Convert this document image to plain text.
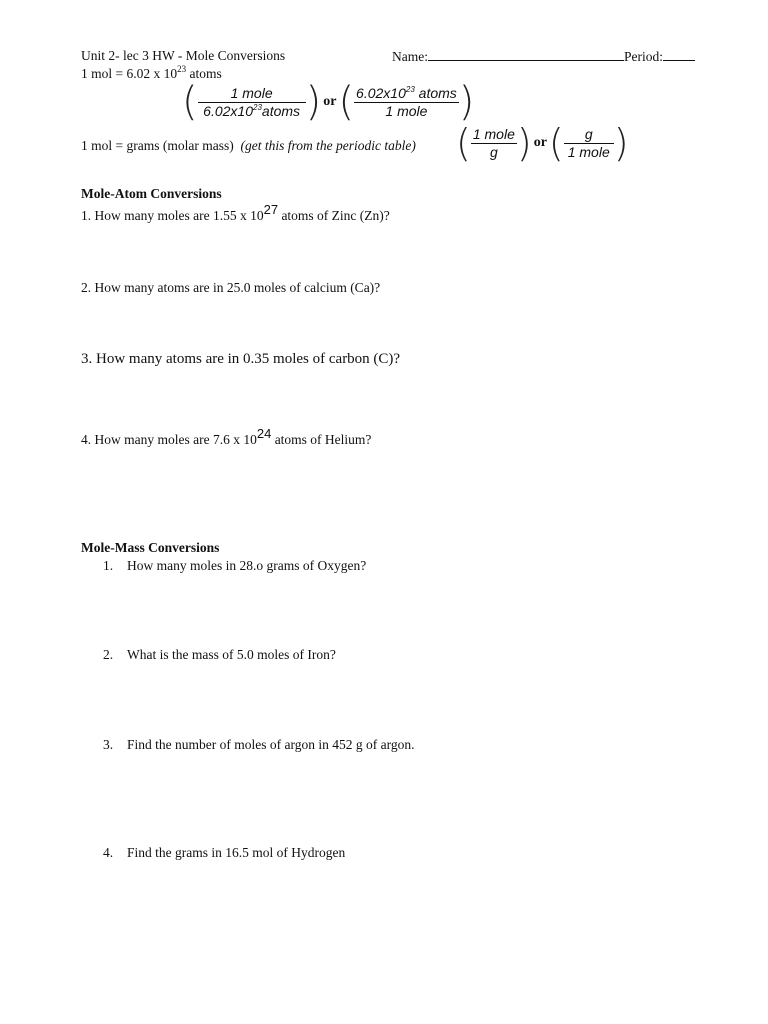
Unit 2- lec 3 HW - Mole Conversions	Name:	Period:
1 mol = 6.02 x $10^{23}$ atoms
( $\frac{\text{1 mole}}{6.02x10^{23}atoms}$ ) or ( $\frac{6.02x10^{23} atoms}{\text{1 mole}}$ )
1 mol = grams (molar mass) (get this from the periodic table) ( $\frac{\text{1 mole}}{g}$ ) or ( $\frac{g}{\text{1 mole}}$ )
Mole-Atom Conversions
1. How many moles are 1.55 x 1027 atoms of Zinc (Zn)?
2. How many atoms are in 25.0 moles of calcium (Ca)?
3. How many atoms are in 0.35 moles of carbon (C)?
4. How many moles are 7.6 x 1024 atoms of Helium?
Mole-Mass Conversions
1. How many moles in 28.o grams of Oxygen?
2. What is the mass of 5.0 moles of Iron?
3. Find the number of moles of argon in 452 g of argon.
4. Find the grams in 16.5 mol of Hydrogen
